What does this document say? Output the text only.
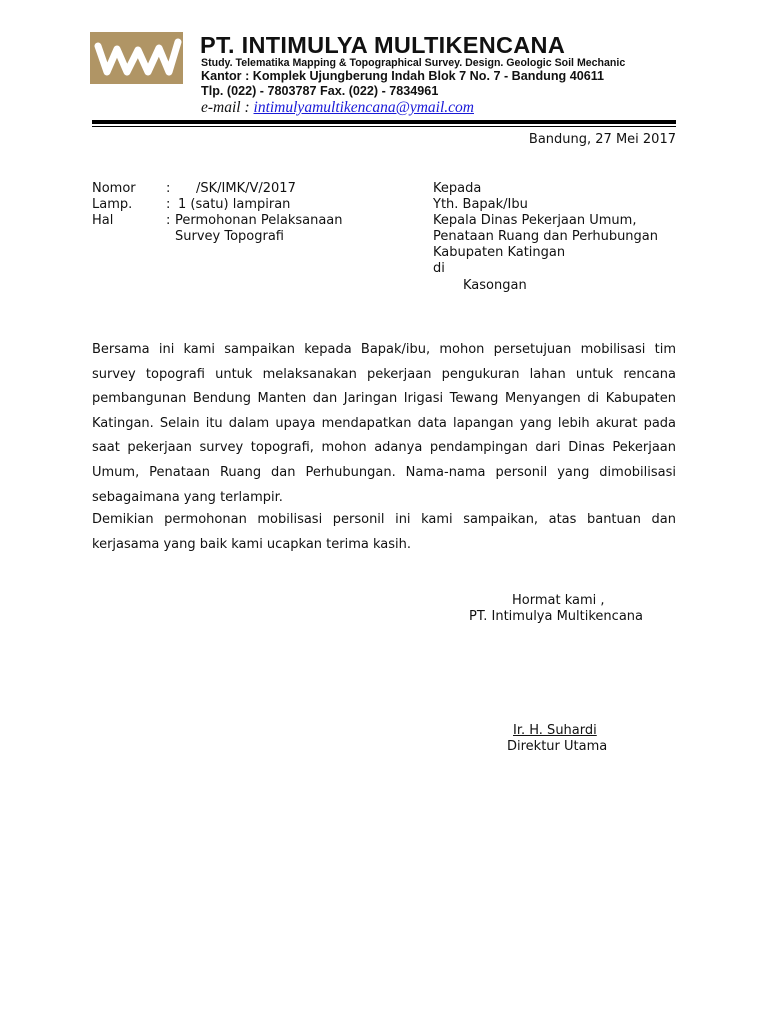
PT. INTIMULYA MULTIKENCANA
Study. Telematika Mapping & Topographical Survey. Design. Geologic Soil Mechanic
Kantor : Komplek Ujungberung Indah Blok 7 No. 7 - Bandung 40611
Tlp. (022) - 7803787 Fax. (022) - 7834961
e-mail : intimulyamultikencana@ymail.com
Bandung, 27 Mei 2017
Nomor : /SK/IMK/V/2017
Lamp.	: 1 (satu) lampiran
Hal	: Permohonan Pelaksanaan
Survey Topografi
Kepada
Yth. Bapak/Ibu
Kepala Dinas Pekerjaan Umum,
Penataan Ruang dan Perhubungan
Kabupaten Katingan
di
Kasongan
Bersama ini kami sampaikan kepada Bapak/ibu, mohon persetujuan mobilisasi tim survey topografi untuk melaksanakan pekerjaan pengukuran lahan untuk rencana pembangunan Bendung Manten dan Jaringan Irigasi Tewang Menyangen di Kabupaten Katingan. Selain itu dalam upaya mendapatkan data lapangan yang lebih akurat pada saat pekerjaan survey topografi, mohon adanya pendampingan dari Dinas Pekerjaan Umum, Penataan Ruang dan Perhubungan. Nama-nama personil yang dimobilisasi sebagaimana yang terlampir.
Demikian permohonan mobilisasi personil ini kami sampaikan, atas bantuan dan kerjasama yang baik kami ucapkan terima kasih.
Hormat kami ,
PT. Intimulya Multikencana
Ir. H. Suhardi
Direktur Utama
